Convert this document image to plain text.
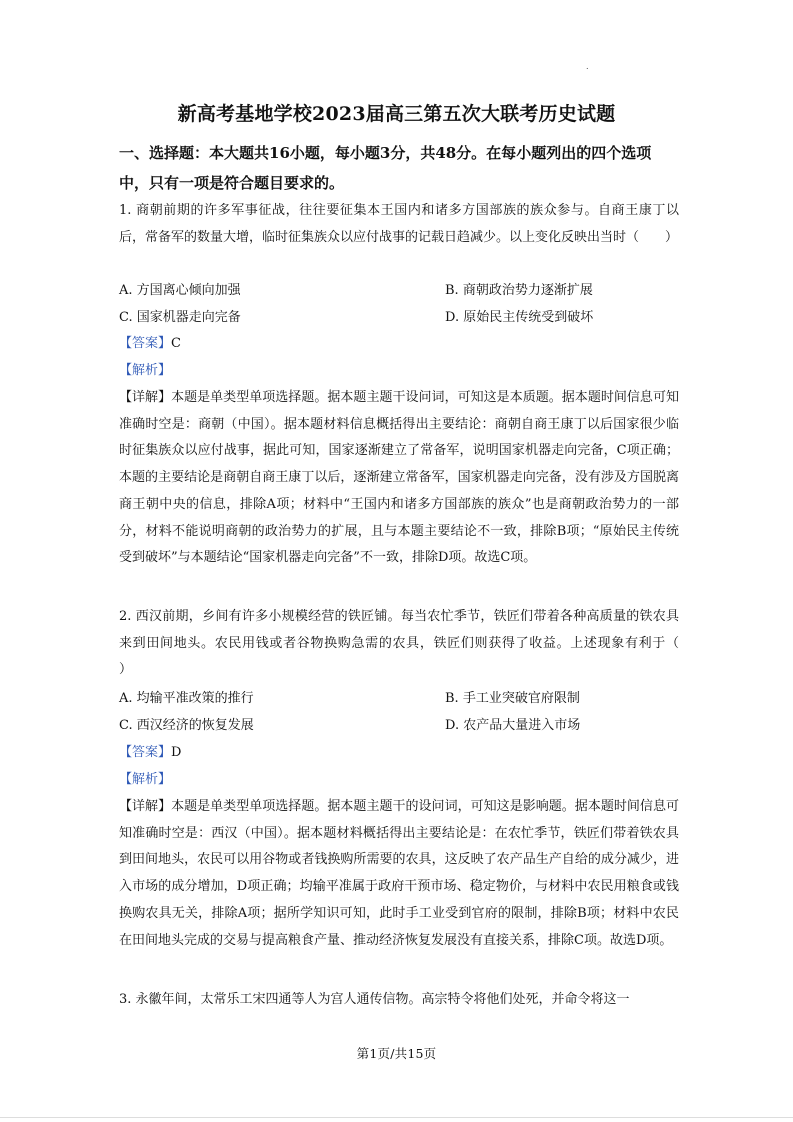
.
新高考基地学校2023届高三第五次大联考历史试题
一、选择题：本大题共16小题，每小题3分，共48分。在每小题列出的四个选项中，只有一项是符合题目要求的。
1. 商朝前期的许多军事征战，往往要征集本王国内和诸多方国部族的族众参与。自商王康丁以后，常备军的数量大增，临时征集族众以应付战事的记载日趋减少。以上变化反映出当时（　　）
A. 方国离心倾向加强	B. 商朝政治势力逐渐扩展
C. 国家机器走向完备	D. 原始民主传统受到破坏
【答案】C
【解析】
【详解】本题是单类型单项选择题。据本题主题干设问词，可知这是本质题。据本题时间信息可知准确时空是：商朝（中国）。据本题材料信息概括得出主要结论：商朝自商王康丁以后国家很少临时征集族众以应付战事，据此可知，国家逐渐建立了常备军，说明国家机器走向完备，C项正确；本题的主要结论是商朝自商王康丁以后，逐渐建立常备军，国家机器走向完备，没有涉及方国脱离商王朝中央的信息，排除A项；材料中“王国内和诸多方国部族的族众”也是商朝政治势力的一部分，材料不能说明商朝的政治势力的扩展，且与本题主要结论不一致，排除B项；“原始民主传统受到破坏”与本题结论“国家机器走向完备”不一致，排除D项。故选C项。
2. 西汉前期，乡间有许多小规模经营的铁匠铺。每当农忙季节，铁匠们带着各种高质量的铁农具来到田间地头。农民用钱或者谷物换购急需的农具，铁匠们则获得了收益。上述现象有利于（　　）
A. 均输平准改策的推行	B. 手工业突破官府限制
C. 西汉经济的恢复发展	D. 农产品大量进入市场
【答案】D
【解析】
【详解】本题是单类型单项选择题。据本题主题干的设问词，可知这是影响题。据本题时间信息可知准确时空是：西汉（中国）。据本题材料概括得出主要结论是：在农忙季节，铁匠们带着铁农具到田间地头，农民可以用谷物或者钱换购所需要的农具，这反映了农产品生产自给的成分减少，进入市场的成分增加，D项正确；均输平准属于政府干预市场、稳定物价，与材料中农民用粮食或钱换购农具无关，排除A项；据所学知识可知，此时手工业受到官府的限制，排除B项；材料中农民在田间地头完成的交易与提高粮食产量、推动经济恢复发展没有直接关系，排除C项。故选D项。
3. 永徽年间，太常乐工宋四通等人为宫人通传信物。高宗特令将他们处死，并命令将这一
第1页/共15页
